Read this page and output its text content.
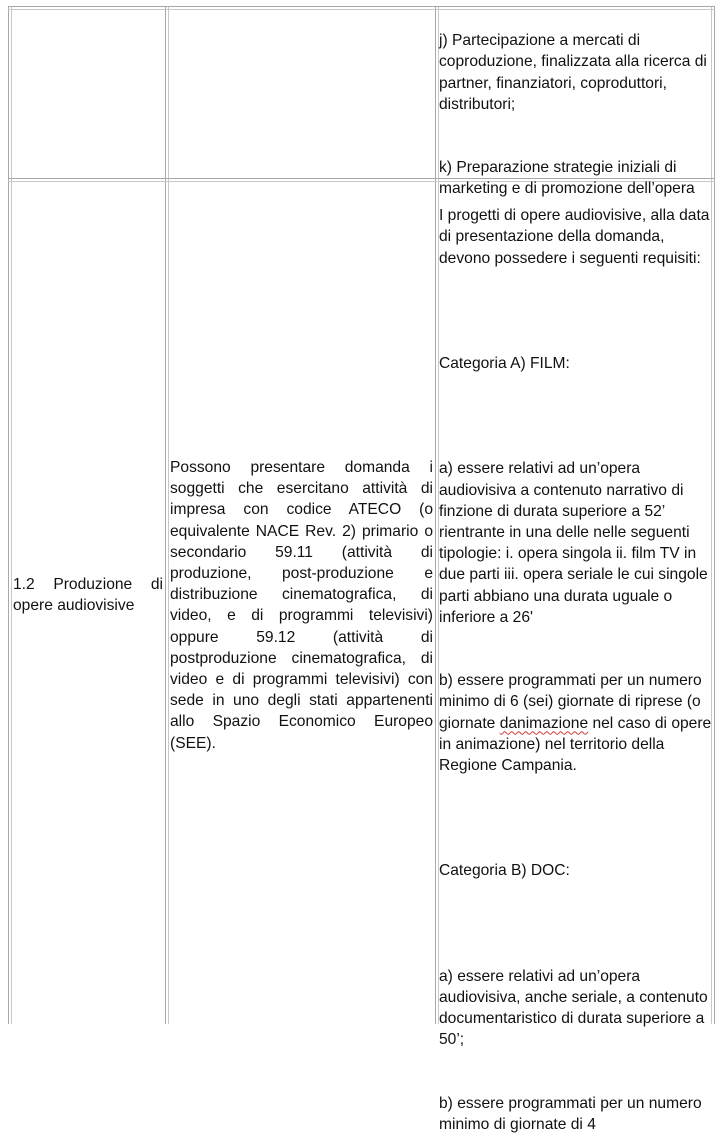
j) Partecipazione a mercati di coproduzione, finalizzata alla ricerca di partner, finanziatori, coproduttori, distributori;

k) Preparazione strategie iniziali di marketing e di promozione dell’opera

1.2 Produzione di opere audiovisive
Possono presentare domanda i soggetti che esercitano attività di impresa con codice ATECO (o equivalente NACE Rev. 2) primario o secondario 59.11 (attività di produzione, post-produzione e distribuzione cinematografica, di video, e di programmi televisivi) oppure 59.12 (attività di postproduzione cinematografica, di video e di programmi televisivi) con sede in uno degli stati appartenenti allo Spazio Economico Europeo (SEE).

I progetti di opere audiovisive, alla data di presentazione della domanda, devono possedere i seguenti requisiti:

Categoria A) FILM:

a) essere relativi ad un’opera audiovisiva a contenuto narrativo di finzione di durata superiore a 52’ rientrante in una delle nelle seguenti tipologie: i. opera singola ii. film TV in due parti iii. opera seriale le cui singole parti abbiano una durata uguale o inferiore a 26'

b) essere programmati per un numero minimo di 6 (sei) giornate di riprese (o giornate danimazione nel caso di opere in animazione) nel territorio della Regione Campania.

Categoria B) DOC:

a) essere relativi ad un’opera audiovisiva, anche seriale, a contenuto documentaristico di durata superiore a 50’;

b) essere programmati per un numero minimo di giornate di 4
